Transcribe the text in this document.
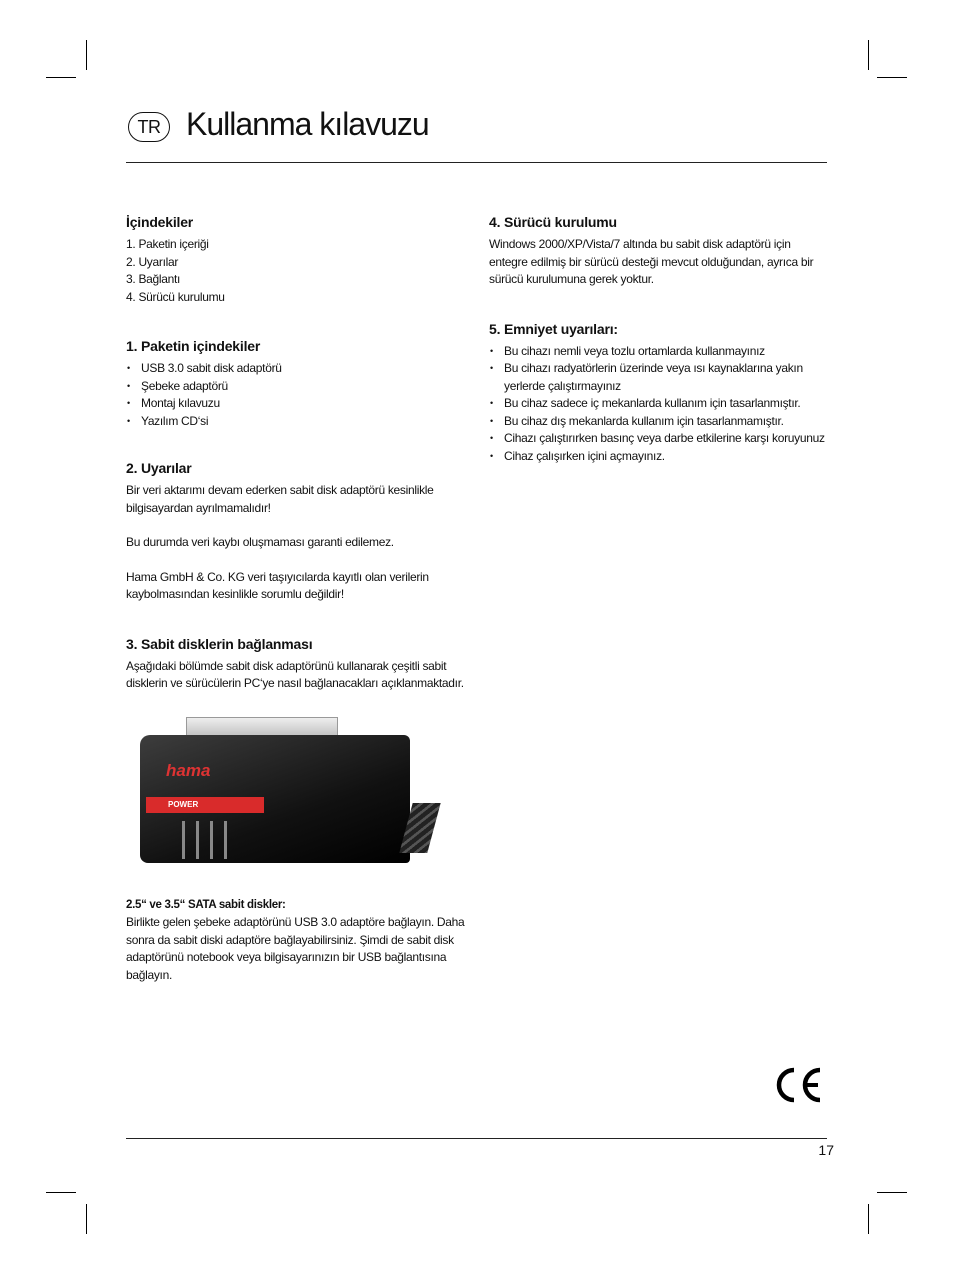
TR Kullanma kılavuzu
İçindekiler
1. Paketin içeriği
2. Uyarılar
3. Bağlantı
4. Sürücü kurulumu
1. Paketin içindekiler
• USB 3.0 sabit disk adaptörü
• Şebeke adaptörü
• Montaj kılavuzu
• Yazılım CD‘si
2. Uyarılar

Bir veri aktarımı devam ederken sabit disk adaptörü kesinlikle bilgisayardan ayrılmamalıdır!

Bu durumda veri kaybı oluşmaması garanti edilemez.

Hama GmbH & Co. KG veri taşıyıcılarda kayıtlı olan verilerin kaybolmasından kesinlikle sorumlu değildir!

3. Sabit disklerin bağlanması

Aşağıdaki bölümde sabit disk adaptörünü kullanarak çeşitli sabit disklerin ve sürücülerin PC‘ye nasıl bağlanacakları açıklanmaktadır.

hama
POWER

2.5“ ve 3.5“ SATA sabit diskler:

Birlikte gelen şebeke adaptörünü USB 3.0 adaptöre bağlayın. Daha sonra da sabit diski adaptöre bağlayabilirsiniz. Şimdi de sabit disk adaptörünü notebook veya bilgisayarınızın bir USB bağlantısına bağlayın.

4. Sürücü kurulumu

Windows 2000/XP/Vista/7 altında bu sabit disk adaptörü için entegre edilmiş bir sürücü desteği mevcut olduğundan, ayrıca bir sürücü kurulumuna gerek yoktur.

5. Emniyet uyarıları:
• Bu cihazı nemli veya tozlu ortamlarda kullanmayınız
• Bu cihazı radyatörlerin üzerinde veya ısı kaynaklarına yakın yerlerde çalıştırmayınız
• Bu cihaz sadece iç mekanlarda kullanım için tasarlanmıştır.
• Bu cihaz dış mekanlarda kullanım için tasarlanmamıştır.
• Cihazı çalıştırırken basınç veya darbe etkilerine karşı koruyunuz
• Cihaz çalışırken içini açmayınız.
17
